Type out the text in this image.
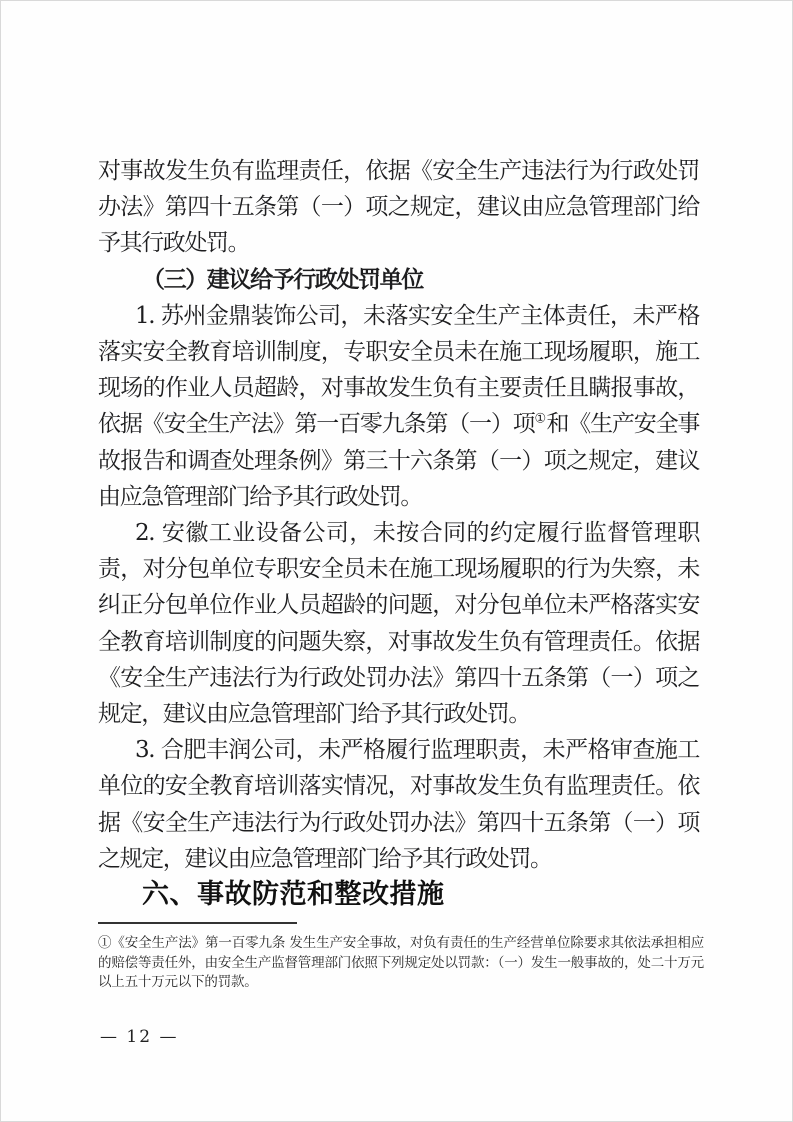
对事故发生负有监理责任，依据《安全生产违法行为行政处罚办法》第四十五条第（一）项之规定，建议由应急管理部门给予其行政处罚。

（三）建议给予行政处罚单位

1. 苏州金鼎装饰公司，未落实安全生产主体责任，未严格落实安全教育培训制度，专职安全员未在施工现场履职，施工现场的作业人员超龄，对事故发生负有主要责任且瞒报事故，依据《安全生产法》第一百零九条第（一）项①和《生产安全事故报告和调查处理条例》第三十六条第（一）项之规定，建议由应急管理部门给予其行政处罚。

2. 安徽工业设备公司，未按合同的约定履行监督管理职责，对分包单位专职安全员未在施工现场履职的行为失察，未纠正分包单位作业人员超龄的问题，对分包单位未严格落实安全教育培训制度的问题失察，对事故发生负有管理责任。依据《安全生产违法行为行政处罚办法》第四十五条第（一）项之规定，建议由应急管理部门给予其行政处罚。

3. 合肥丰润公司，未严格履行监理职责，未严格审查施工单位的安全教育培训落实情况，对事故发生负有监理责任。依据《安全生产违法行为行政处罚办法》第四十五条第（一）项之规定，建议由应急管理部门给予其行政处罚。

六、事故防范和整改措施

①《安全生产法》第一百零九条 发生生产安全事故，对负有责任的生产经营单位除要求其依法承担相应的赔偿等责任外，由安全生产监督管理部门依照下列规定处以罚款：（一）发生一般事故的，处二十万元以上五十万元以下的罚款。

— 12 —
